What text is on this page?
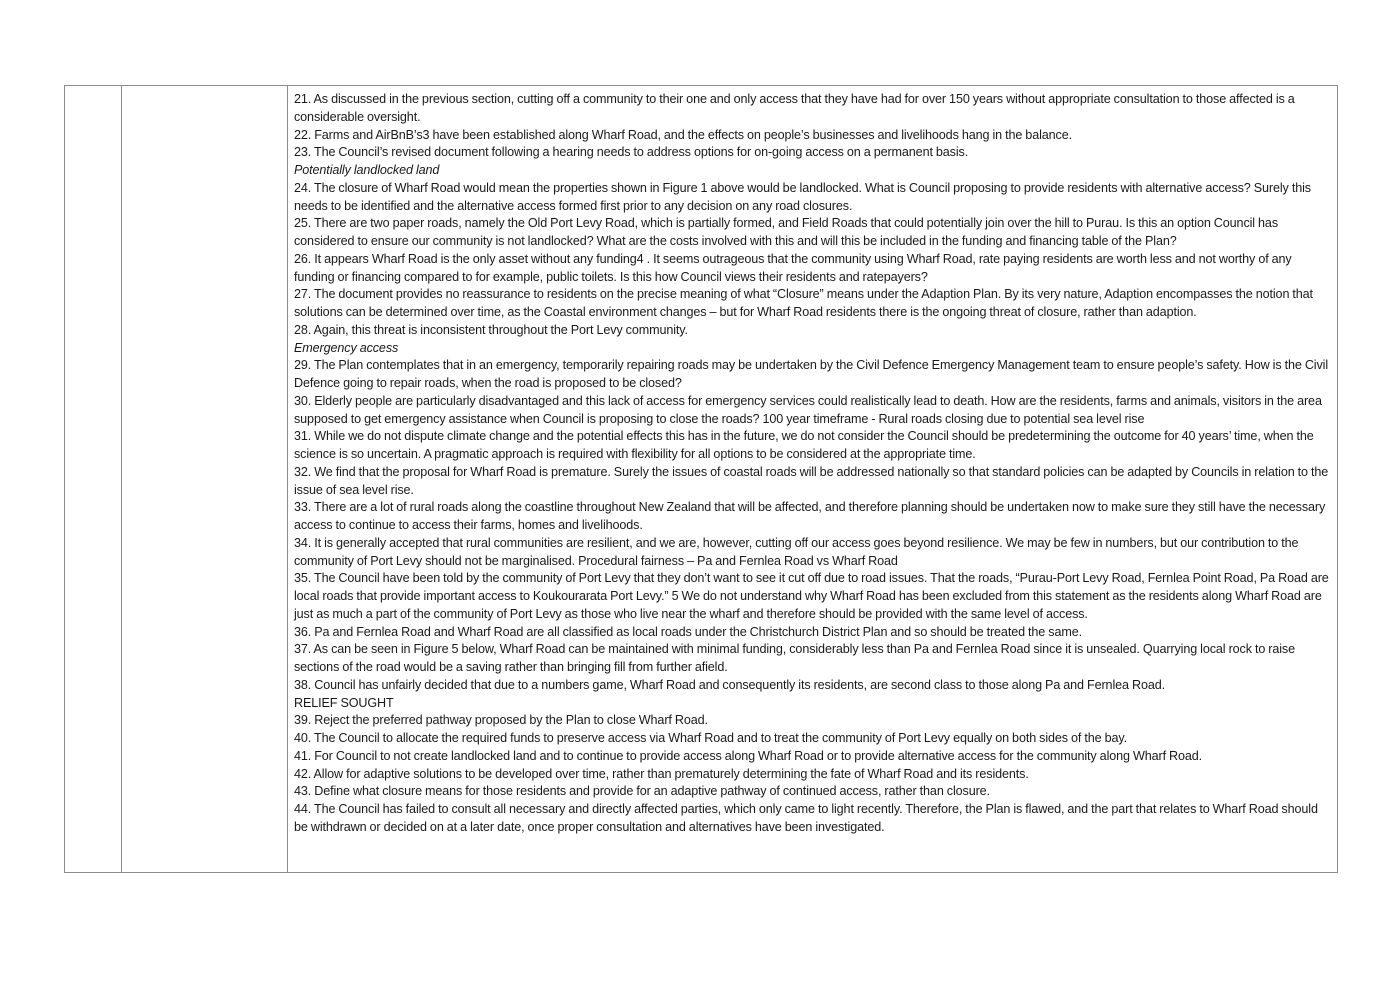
21. As discussed in the previous section, cutting off a community to their one and only access that they have had for over 150 years without appropriate consultation to those affected is a considerable oversight.

22. Farms and AirBnB’s3 have been established along Wharf Road, and the effects on people’s businesses and livelihoods hang in the balance.

23. The Council’s revised document following a hearing needs to address options for on-going access on a permanent basis.

Potentially landlocked land

24. The closure of Wharf Road would mean the properties shown in Figure 1 above would be landlocked. What is Council proposing to provide residents with alternative access? Surely this needs to be identified and the alternative access formed first prior to any decision on any road closures.

25. There are two paper roads, namely the Old Port Levy Road, which is partially formed, and Field Roads that could potentially join over the hill to Purau. Is this an option Council has considered to ensure our community is not landlocked? What are the costs involved with this and will this be included in the funding and financing table of the Plan?

26. It appears Wharf Road is the only asset without any funding4 . It seems outrageous that the community using Wharf Road, rate paying residents are worth less and not worthy of any funding or financing compared to for example, public toilets. Is this how Council views their residents and ratepayers?

27. The document provides no reassurance to residents on the precise meaning of what “Closure” means under the Adaption Plan. By its very nature, Adaption encompasses the notion that solutions can be determined over time, as the Coastal environment changes – but for Wharf Road residents there is the ongoing threat of closure, rather than adaption.

28. Again, this threat is inconsistent throughout the Port Levy community.

Emergency access

29. The Plan contemplates that in an emergency, temporarily repairing roads may be undertaken by the Civil Defence Emergency Management team to ensure people’s safety. How is the Civil Defence going to repair roads, when the road is proposed to be closed?

30. Elderly people are particularly disadvantaged and this lack of access for emergency services could realistically lead to death. How are the residents, farms and animals, visitors in the area supposed to get emergency assistance when Council is proposing to close the roads? 100 year timeframe - Rural roads closing due to potential sea level rise

31. While we do not dispute climate change and the potential effects this has in the future, we do not consider the Council should be predetermining the outcome for 40 years’ time, when the science is so uncertain. A pragmatic approach is required with flexibility for all options to be considered at the appropriate time.

32. We find that the proposal for Wharf Road is premature. Surely the issues of coastal roads will be addressed nationally so that standard policies can be adapted by Councils in relation to the issue of sea level rise.

33. There are a lot of rural roads along the coastline throughout New Zealand that will be affected, and therefore planning should be undertaken now to make sure they still have the necessary access to continue to access their farms, homes and livelihoods.

34. It is generally accepted that rural communities are resilient, and we are, however, cutting off our access goes beyond resilience. We may be few in numbers, but our contribution to the community of Port Levy should not be marginalised. Procedural fairness – Pa and Fernlea Road vs Wharf Road

35. The Council have been told by the community of Port Levy that they don’t want to see it cut off due to road issues. That the roads, “Purau-Port Levy Road, Fernlea Point Road, Pa Road are local roads that provide important access to Koukourarata Port Levy.” 5 We do not understand why Wharf Road has been excluded from this statement as the residents along Wharf Road are just as much a part of the community of Port Levy as those who live near the wharf and therefore should be provided with the same level of access.

36. Pa and Fernlea Road and Wharf Road are all classified as local roads under the Christchurch District Plan and so should be treated the same.

37. As can be seen in Figure 5 below, Wharf Road can be maintained with minimal funding, considerably less than Pa and Fernlea Road since it is unsealed. Quarrying local rock to raise sections of the road would be a saving rather than bringing fill from further afield.

38. Council has unfairly decided that due to a numbers game, Wharf Road and consequently its residents, are second class to those along Pa and Fernlea Road.

RELIEF SOUGHT

39. Reject the preferred pathway proposed by the Plan to close Wharf Road.

40. The Council to allocate the required funds to preserve access via Wharf Road and to treat the community of Port Levy equally on both sides of the bay.

41. For Council to not create landlocked land and to continue to provide access along Wharf Road or to provide alternative access for the community along Wharf Road.

42. Allow for adaptive solutions to be developed over time, rather than prematurely determining the fate of Wharf Road and its residents.

43. Define what closure means for those residents and provide for an adaptive pathway of continued access, rather than closure.

44. The Council has failed to consult all necessary and directly affected parties, which only came to light recently. Therefore, the Plan is flawed, and the part that relates to Wharf Road should be withdrawn or decided on at a later date, once proper consultation and alternatives have been investigated.
